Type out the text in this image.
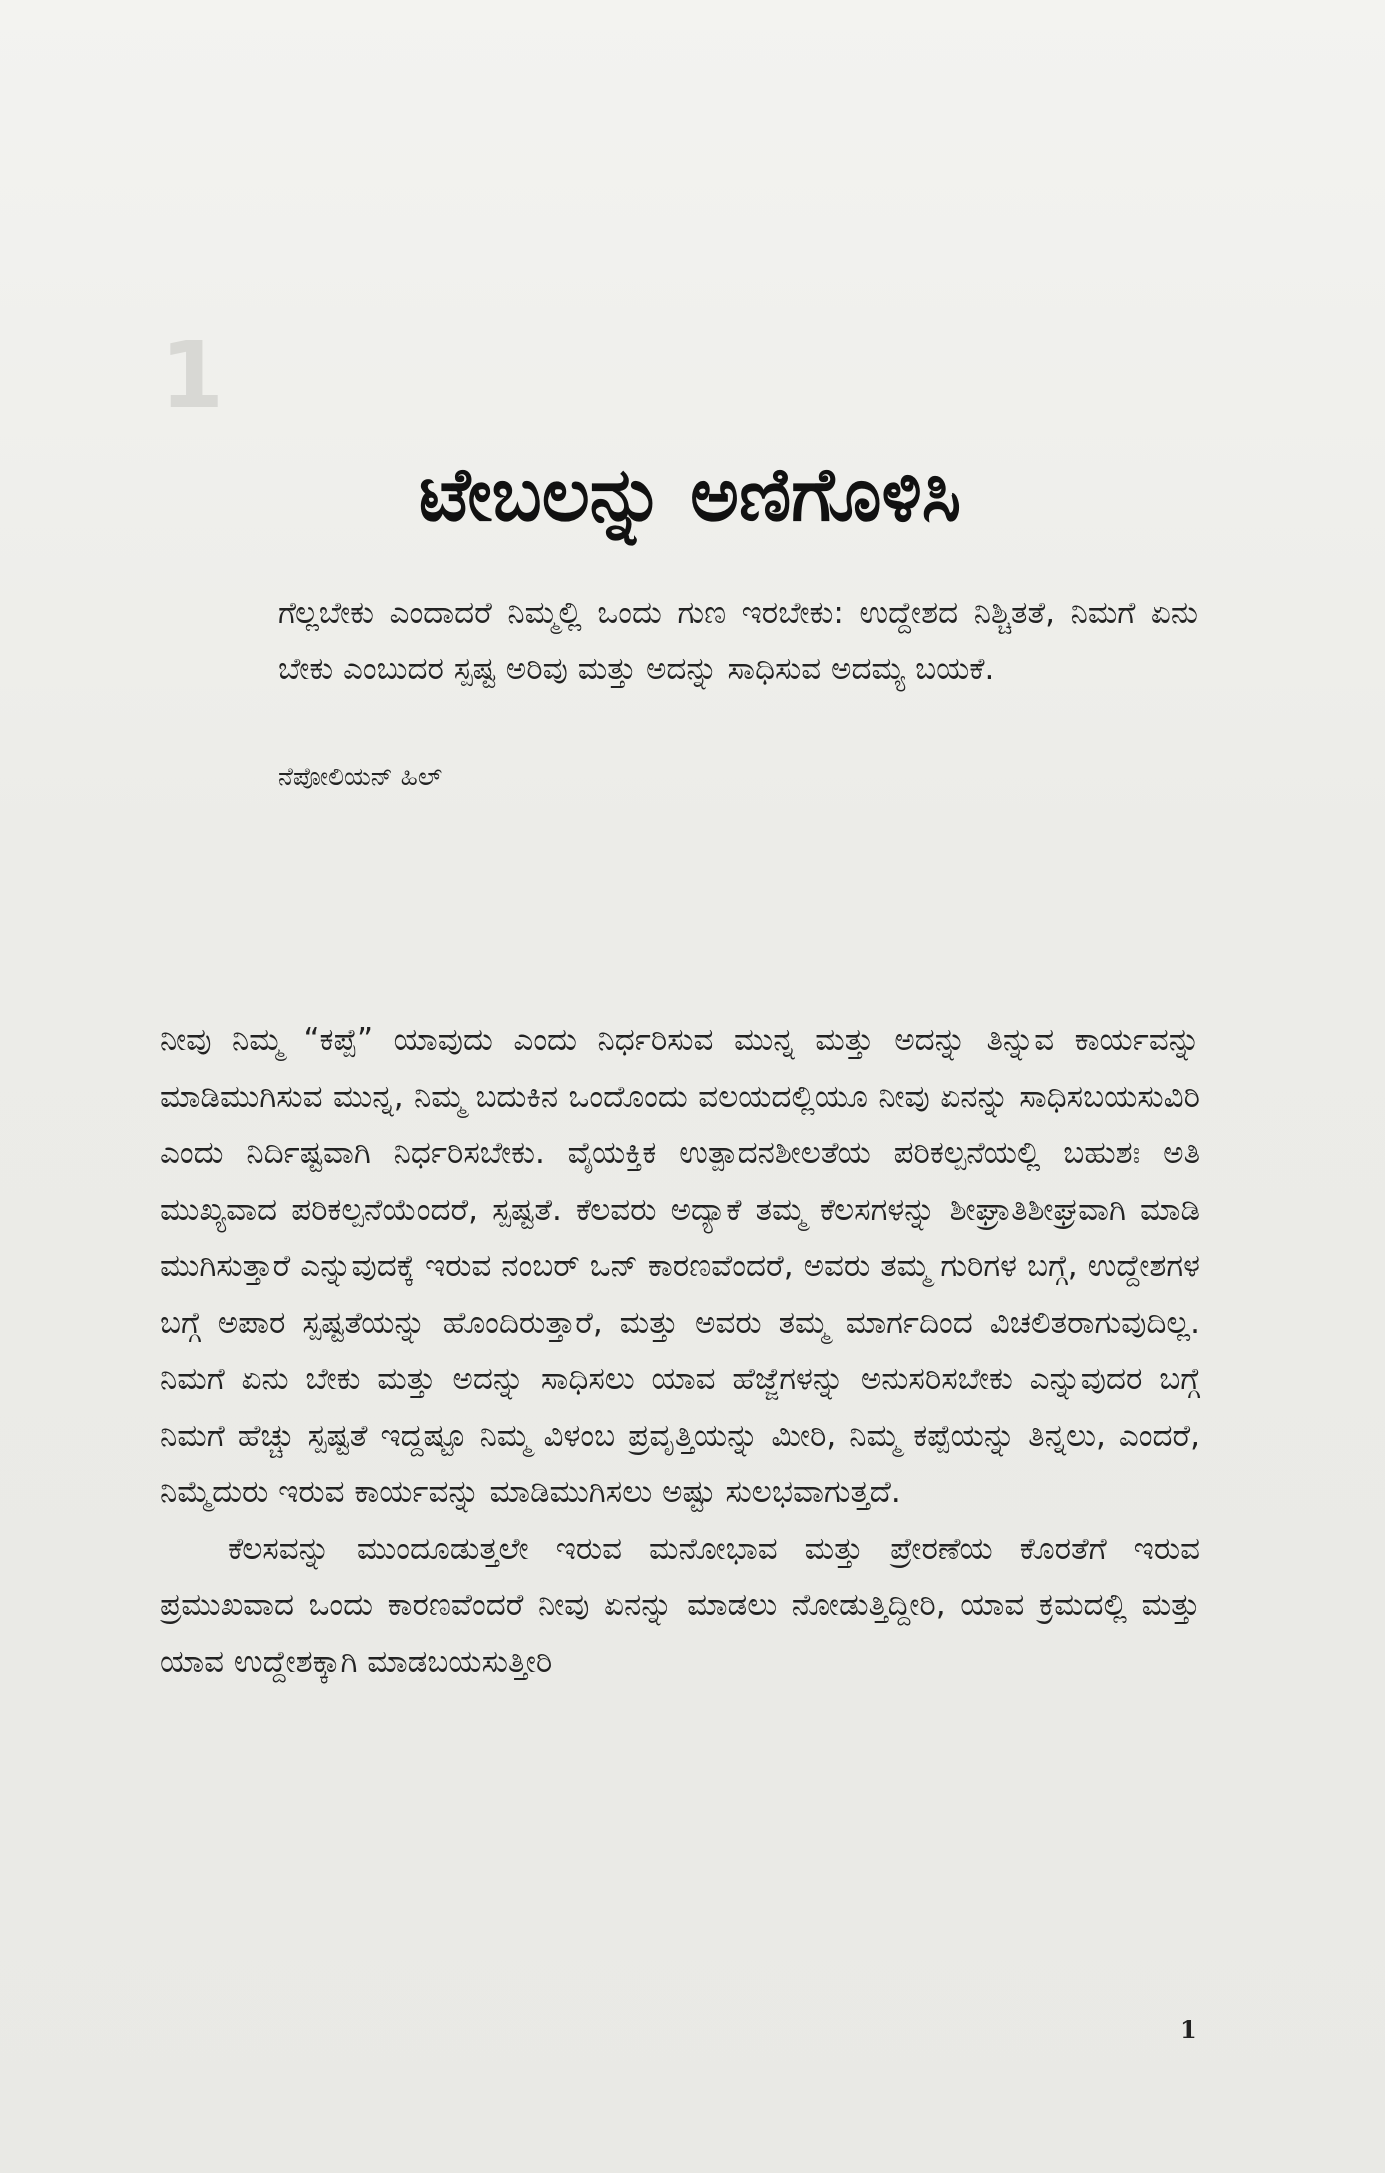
1
ಟೇಬಲನ್ನು ಅಣಿಗೊಳಿಸಿ
ಗೆಲ್ಲಬೇಕು ಎಂದಾದರೆ ನಿಮ್ಮಲ್ಲಿ ಒಂದು ಗುಣ ಇರಬೇಕು: ಉದ್ದೇಶದ ನಿಶ್ಚಿತತೆ, ನಿಮಗೆ ಏನು ಬೇಕು ಎಂಬುದರ ಸ್ಪಷ್ಟ ಅರಿವು ಮತ್ತು ಅದನ್ನು ಸಾಧಿಸುವ ಅದಮ್ಯ ಬಯಕೆ.
ನೆಪೋಲಿಯನ್ ಹಿಲ್

ನೀವು ನಿಮ್ಮ “ಕಪ್ಪೆ” ಯಾವುದು ಎಂದು ನಿರ್ಧರಿಸುವ ಮುನ್ನ ಮತ್ತು ಅದನ್ನು ತಿನ್ನುವ ಕಾರ್ಯವನ್ನು ಮಾಡಿಮುಗಿಸುವ ಮುನ್ನ, ನಿಮ್ಮ ಬದುಕಿನ ಒಂದೊಂದು ವಲಯದಲ್ಲಿಯೂ ನೀವು ಏನನ್ನು ಸಾಧಿಸಬಯಸುವಿರಿ ಎಂದು ನಿರ್ದಿಷ್ಟವಾಗಿ ನಿರ್ಧರಿಸಬೇಕು. ವೈಯಕ್ತಿಕ ಉತ್ಪಾದನಶೀಲತೆಯ ಪರಿಕಲ್ಪನೆಯಲ್ಲಿ ಬಹುಶಃ ಅತಿ ಮುಖ್ಯವಾದ ಪರಿಕಲ್ಪನೆಯೆಂದರೆ, ಸ್ಪಷ್ಟತೆ. ಕೆಲವರು ಅದ್ಯಾಕೆ ತಮ್ಮ ಕೆಲಸಗಳನ್ನು ಶೀಘ್ರಾತಿಶೀಘ್ರವಾಗಿ ಮಾಡಿ ಮುಗಿಸುತ್ತಾರೆ ಎನ್ನುವುದಕ್ಕೆ ಇರುವ ನಂಬರ್ ಒನ್ ಕಾರಣವೆಂದರೆ, ಅವರು ತಮ್ಮ ಗುರಿಗಳ ಬಗ್ಗೆ, ಉದ್ದೇಶಗಳ ಬಗ್ಗೆ ಅಪಾರ ಸ್ಪಷ್ಟತೆಯನ್ನು ಹೊಂದಿರುತ್ತಾರೆ, ಮತ್ತು ಅವರು ತಮ್ಮ ಮಾರ್ಗದಿಂದ ವಿಚಲಿತರಾಗುವುದಿಲ್ಲ. ನಿಮಗೆ ಏನು ಬೇಕು ಮತ್ತು ಅದನ್ನು ಸಾಧಿಸಲು ಯಾವ ಹೆಜ್ಜೆಗಳನ್ನು ಅನುಸರಿಸಬೇಕು ಎನ್ನುವುದರ ಬಗ್ಗೆ ನಿಮಗೆ ಹೆಚ್ಚು ಸ್ಪಷ್ಟತೆ ಇದ್ದಷ್ಟೂ ನಿಮ್ಮ ವಿಳಂಬ ಪ್ರವೃತ್ತಿಯನ್ನು ಮೀರಿ, ನಿಮ್ಮ ಕಪ್ಪೆಯನ್ನು ತಿನ್ನಲು, ಎಂದರೆ, ನಿಮ್ಮೆದುರು ಇರುವ ಕಾರ್ಯವನ್ನು ಮಾಡಿಮುಗಿಸಲು ಅಷ್ಟು ಸುಲಭವಾಗುತ್ತದೆ.

ಕೆಲಸವನ್ನು ಮುಂದೂಡುತ್ತಲೇ ಇರುವ ಮನೋಭಾವ ಮತ್ತು ಪ್ರೇರಣೆಯ ಕೊರತೆಗೆ ಇರುವ ಪ್ರಮುಖವಾದ ಒಂದು ಕಾರಣವೆಂದರೆ ನೀವು ಏನನ್ನು ಮಾಡಲು ನೋಡುತ್ತಿದ್ದೀರಿ, ಯಾವ ಕ್ರಮದಲ್ಲಿ ಮತ್ತು ಯಾವ ಉದ್ದೇಶಕ್ಕಾಗಿ ಮಾಡಬಯಸುತ್ತೀರಿ

1
